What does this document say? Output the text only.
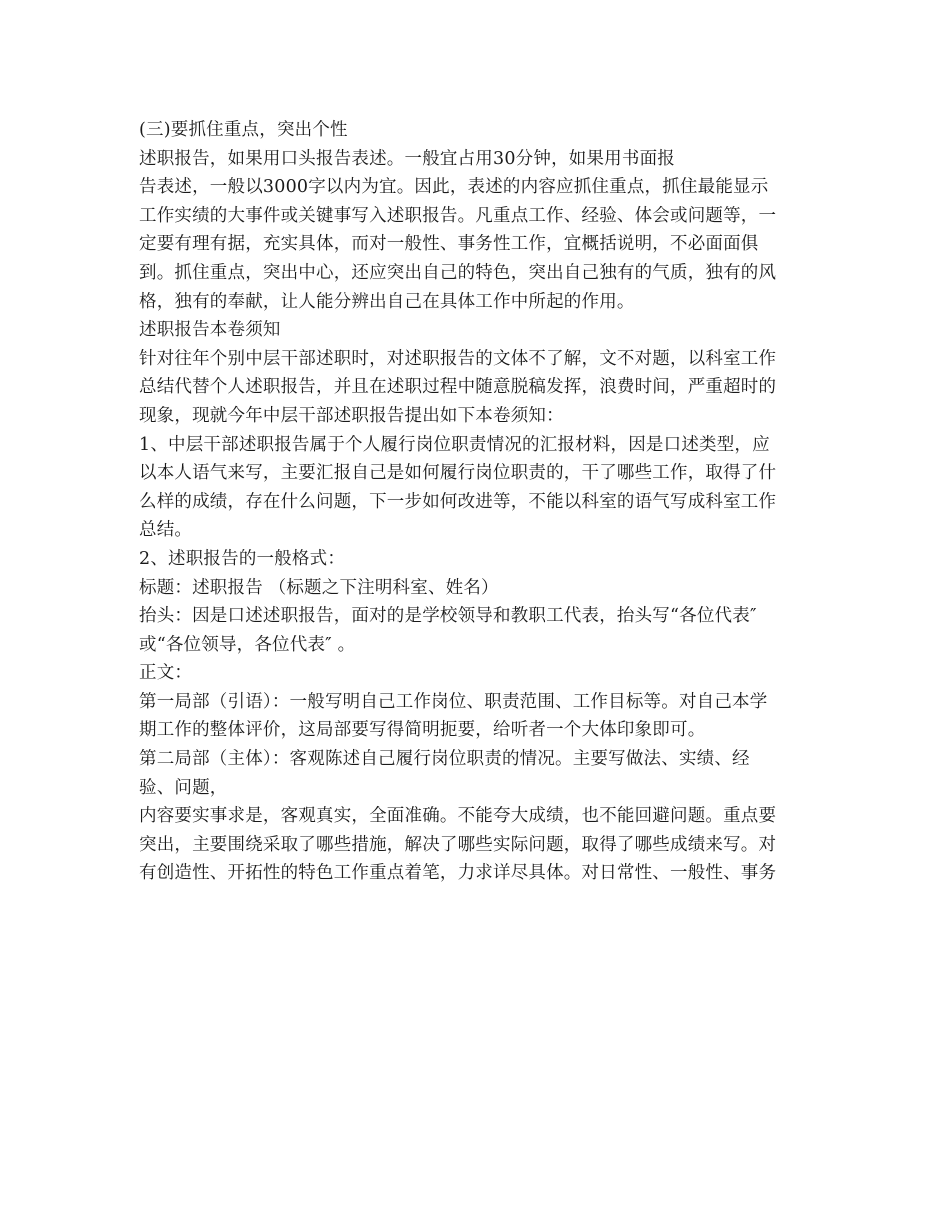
(三)要抓住重点，突出个性
述职报告，如果用口头报告表述。一般宜占用30分钟，如果用书面报
告表述，一般以3000字以内为宜。因此，表述的内容应抓住重点，抓住最能显示
工作实绩的大事件或关键事写入述职报告。凡重点工作、经验、体会或问题等，一
定要有理有据，充实具体，而对一般性、事务性工作，宜概括说明，不必面面俱
到。抓住重点，突出中心，还应突出自己的特色，突出自己独有的气质，独有的风
格，独有的奉献，让人能分辨出自己在具体工作中所起的作用。
述职报告本卷须知
针对往年个别中层干部述职时，对述职报告的文体不了解，文不对题，以科室工作
总结代替个人述职报告，并且在述职过程中随意脱稿发挥，浪费时间，严重超时的
现象，现就今年中层干部述职报告提出如下本卷须知：
1、中层干部述职报告属于个人履行岗位职责情况的汇报材料，因是口述类型，应
以本人语气来写，主要汇报自己是如何履行岗位职责的，干了哪些工作，取得了什
么样的成绩，存在什么问题，下一步如何改进等，不能以科室的语气写成科室工作
总结。
2、述职报告的一般格式：
标题：述职报告 （标题之下注明科室、姓名）
抬头：因是口述述职报告，面对的是学校领导和教职工代表，抬头写“各位代表″
或“各位领导，各位代表″ 。
正文：
第一局部（引语）：一般写明自己工作岗位、职责范围、工作目标等。对自己本学
期工作的整体评价，这局部要写得简明扼要，给听者一个大体印象即可。
第二局部（主体）：客观陈述自己履行岗位职责的情况。主要写做法、实绩、经
验、问题，
内容要实事求是，客观真实，全面准确。不能夸大成绩，也不能回避问题。重点要
突出，主要围绕采取了哪些措施，解决了哪些实际问题，取得了哪些成绩来写。对
有创造性、开拓性的特色工作重点着笔，力求详尽具体。对日常性、一般性、事务
